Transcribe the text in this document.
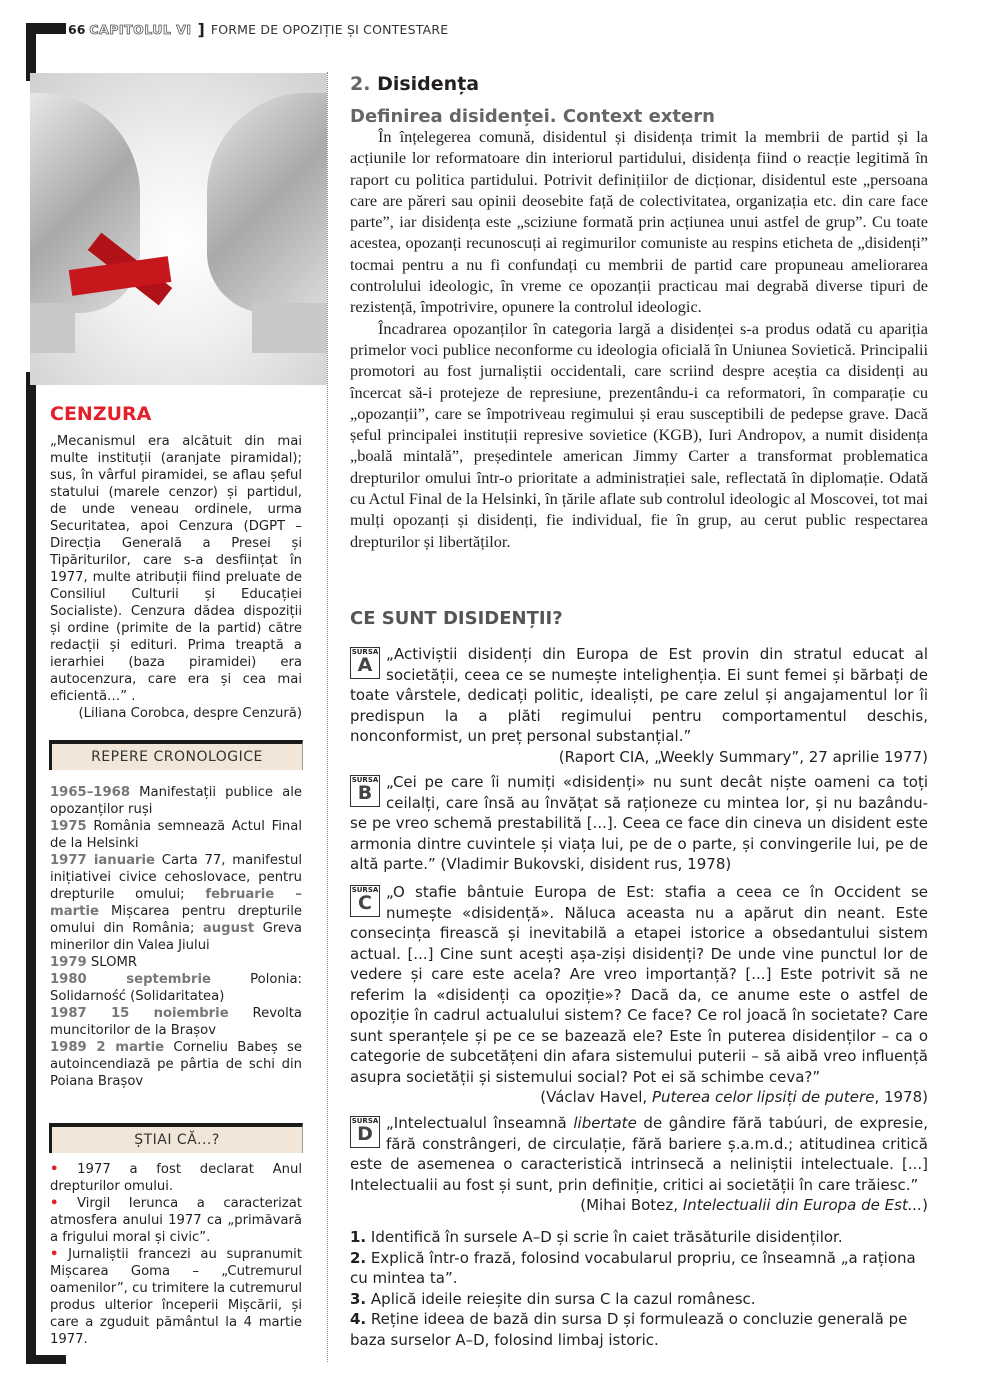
66 CAPITOLUL VI ] FORME DE OPOZIȚIE ȘI CONTESTARE
CENZURA
„Mecanismul era alcătuit din mai multe instituții (aranjate piramidal); sus, în vârful piramidei, se aflau șeful statului (marele cenzor) și partidul, de unde veneau ordinele, urma Securitatea, apoi Cenzura (DGPT – Direcția Generală a Presei și Tipăriturilor, care s-a desființat în 1977, multe atribuții fiind preluate de Consiliul Culturii și Educației Socialiste). Cenzura dădea dispoziții și ordine (primite de la partid) către redacții și edituri. Prima treaptă a ierarhiei (baza piramidei) era autocenzura, care era și cea mai eficientă…” .
(Liliana Corobca, despre Cenzură)
REPERE CRONOLOGICE
1965–1968 Manifestații publice ale opozanților ruși
1975 România semnează Actul Final de la Helsinki
1977 ianuarie Carta 77, manifestul inițiativei civice cehoslovace, pentru drepturile omului; februarie – martie Mișcarea pentru drepturile omului din România; august Greva minerilor din Valea Jiului
1979 SLOMR
1980 septembrie Polonia: Solidarność (Solidaritatea)
1987 15 noiembrie Revolta muncitorilor de la Brașov
1989 2 martie Corneliu Babeș se autoincendiază pe pârtia de schi din Poiana Brașov
ȘTIAI CĂ...?
• 1977 a fost declarat Anul drepturilor omului.
• Virgil Ierunca a caracterizat atmosfera anului 1977 ca „primăvară a frigului moral și civic”.
• Jurnaliștii francezi au supranumit Mișcarea Goma – „Cutremurul oamenilor”, cu trimitere la cutremurul produs ulterior începerii Mișcării, și care a zguduit pământul la 4 martie 1977.
2. Disidența
Definirea disidenței. Context extern

În înțelegerea comună, disidentul și disidența trimit la membrii de partid și la acțiunile lor reformatoare din interiorul partidului, disidența fiind o reacție legitimă în raport cu politica partidului. Potrivit definițiilor de dicționar, disidentul este „persoana care are păreri sau opinii deosebite față de colectivitatea, organizația etc. din care face parte”, iar disidența este „sciziune formată prin acțiunea unui astfel de grup”. Cu toate acestea, opozanți recunoscuți ai regimurilor comuniste au respins eticheta de „disidenți” tocmai pentru a nu fi confundați cu membrii de partid care propuneau ameliorarea controlului ideologic, în vreme ce opozanții practicau mai degrabă diverse tipuri de rezistență, împotrivire, opunere la controlul ideologic.

Încadrarea opozanților în categoria largă a disidenței s-a produs odată cu apariția primelor voci publice neconforme cu ideologia oficială în Uniunea Sovietică. Principalii promotori au fost jurnaliștii occidentali, care scriind despre aceștia ca disidenți au încercat să-i protejeze de represiune, prezentându-i ca reformatori, în comparație cu „opozanții”, care se împotriveau regimului și erau susceptibili de pedepse grave. Dacă șeful principalei instituții represive sovietice (KGB), Iuri Andropov, a numit disidența „boală mintală”, președintele american Jimmy Carter a transformat problematica drepturilor omului într-o prioritate a administrației sale, reflectată în diplomație. Odată cu Actul Final de la Helsinki, în țările aflate sub controlul ideologic al Moscovei, tot mai mulți opozanți și disidenți, fie individual, fie în grup, au cerut public respectarea drepturilor și libertăților.

CE SUNT DISIDENȚII?
SURSA
A „Activiștii disidenți din Europa de Est provin din stratul educat al societății, ceea ce se numește intelighenția. Ei sunt femei și bărbați de toate vârstele, dedicați politic, idealiști, pe care zelul și angajamentul lor îi predispun la a plăti regimului pentru comportamentul deschis, nonconformist, un preț personal substanțial.”
(Raport CIA, „Weekly Summary”, 27 aprilie 1977)
SURSA
B „Cei pe care îi numiți «disidenți» nu sunt decât niște oameni ca toți ceilalți, care însă au învățat să raționeze cu mintea lor, și nu bazându-se pe vreo schemă prestabilită [...]. Ceea ce face din cineva un disident este armonia dintre cuvintele și viața lui, pe de o parte, și convingerile lui, pe de altă parte.” (Vladimir Bukovski, disident rus, 1978)
SURSA
C „O stafie bântuie Europa de Est: stafia a ceea ce în Occident se numește «disidență». Năluca aceasta nu a apărut din neant. Este consecința firească și inevitabilă a etapei istorice a obsedantului sistem actual. [...] Cine sunt acești așa-ziși disidenți? De unde vine punctul lor de vedere și care este acela? Are vreo importanță? [...] Este potrivit să ne referim la «disidenți ca opoziție»? Dacă da, ce anume este o astfel de opoziție în cadrul actualului sistem? Ce face? Ce rol joacă în societate? Care sunt speranțele și pe ce se bazează ele? Este în puterea disidenților – ca o categorie de subcetățeni din afara sistemului puterii – să aibă vreo influență asupra societății și sistemului social? Pot ei să schimbe ceva?”
(Václav Havel, Puterea celor lipsiți de putere, 1978)
SURSA
D „Intelectualul înseamnă libertate de gândire fără tabúuri, de expresie, fără constrângeri, de circulație, fără bariere ș.a.m.d.; atitudinea critică este de asemenea o caracteristică intrinsecă a neliniștii intelectuale. [...] Intelectualii au fost și sunt, prin definiție, critici ai societății în care trăiesc.”
(Mihai Botez, Intelectualii din Europa de Est...)
1. Identifică în sursele A–D și scrie în caiet trăsăturile disidenților.
2. Explică într-o frază, folosind vocabularul propriu, ce înseamnă „a raționa cu mintea ta”.
3. Aplică ideile reieșite din sursa C la cazul românesc.
4. Reține ideea de bază din sursa D și formulează o concluzie generală pe baza surselor A–D, folosind limbaj istoric.
